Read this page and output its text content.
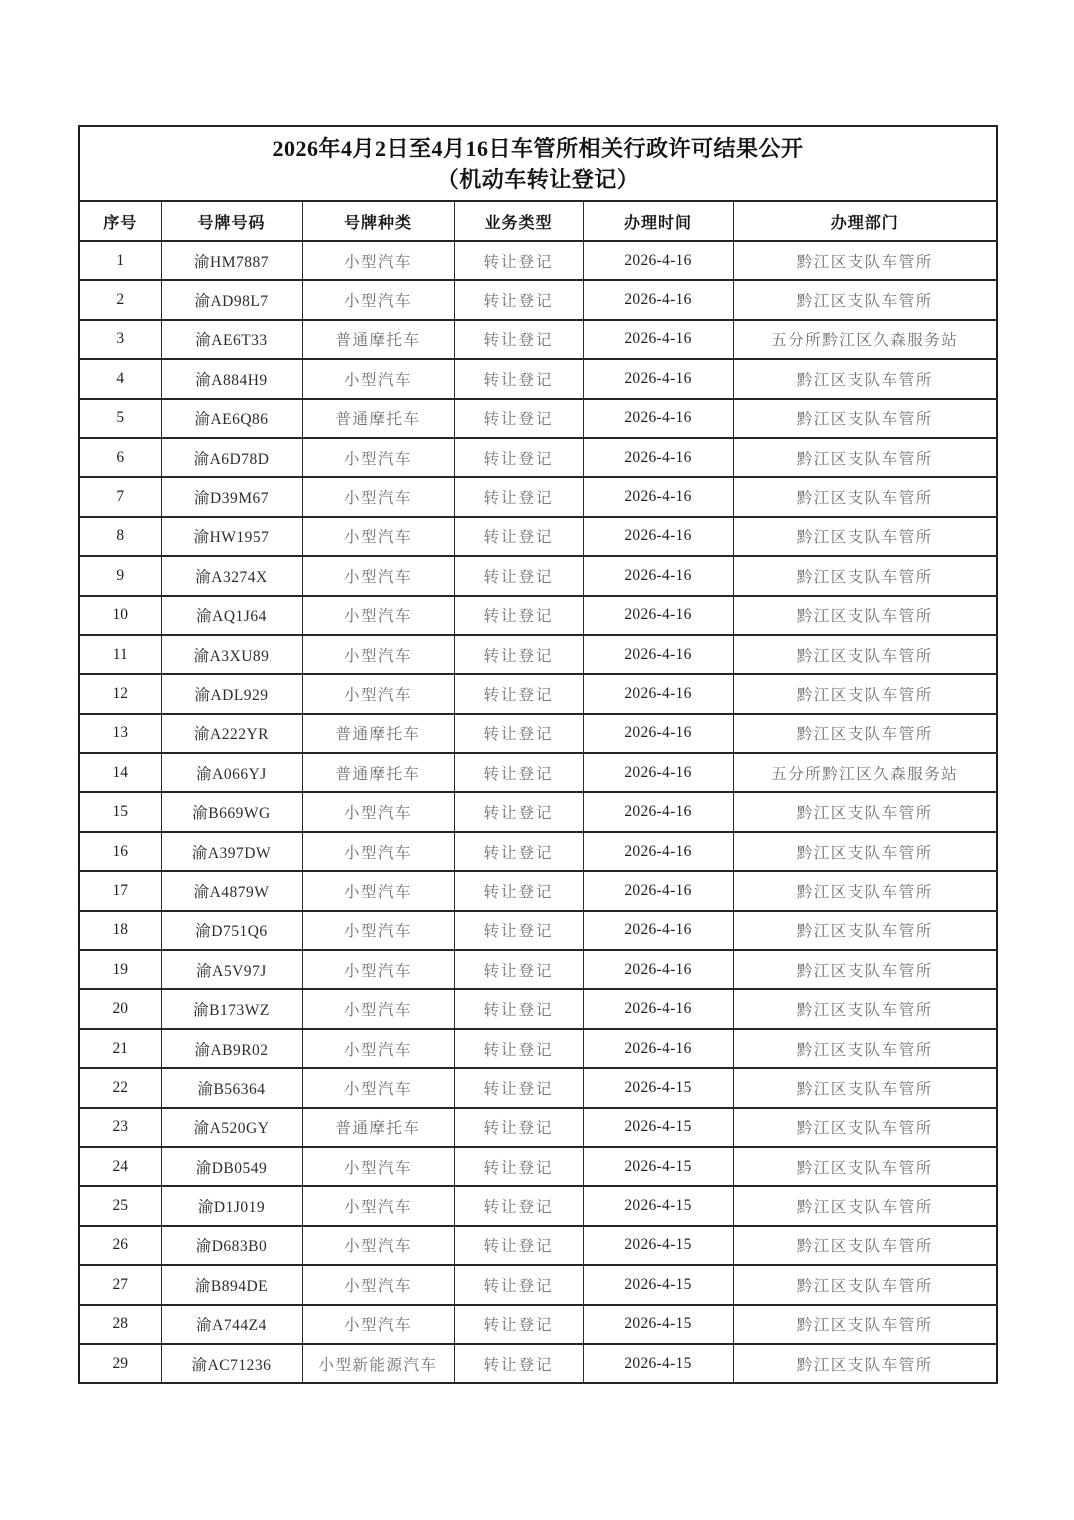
2026年4月2日至4月16日车管所相关行政许可结果公开
（机动车转让登记）					

序号	号牌号码	号牌种类	业务类型	办理时间	办理部门
1	渝HM7887	小型汽车	转让登记	2026-4-16	黔江区支队车管所
2	渝AD98L7	小型汽车	转让登记	2026-4-16	黔江区支队车管所
3	渝AE6T33	普通摩托车	转让登记	2026-4-16	五分所黔江区久森服务站
4	渝A884H9	小型汽车	转让登记	2026-4-16	黔江区支队车管所
5	渝AE6Q86	普通摩托车	转让登记	2026-4-16	黔江区支队车管所
6	渝A6D78D	小型汽车	转让登记	2026-4-16	黔江区支队车管所
7	渝D39M67	小型汽车	转让登记	2026-4-16	黔江区支队车管所
8	渝HW1957	小型汽车	转让登记	2026-4-16	黔江区支队车管所
9	渝A3274X	小型汽车	转让登记	2026-4-16	黔江区支队车管所
10	渝AQ1J64	小型汽车	转让登记	2026-4-16	黔江区支队车管所
11	渝A3XU89	小型汽车	转让登记	2026-4-16	黔江区支队车管所
12	渝ADL929	小型汽车	转让登记	2026-4-16	黔江区支队车管所
13	渝A222YR	普通摩托车	转让登记	2026-4-16	黔江区支队车管所
14	渝A066YJ	普通摩托车	转让登记	2026-4-16	五分所黔江区久森服务站
15	渝B669WG	小型汽车	转让登记	2026-4-16	黔江区支队车管所
16	渝A397DW	小型汽车	转让登记	2026-4-16	黔江区支队车管所
17	渝A4879W	小型汽车	转让登记	2026-4-16	黔江区支队车管所
18	渝D751Q6	小型汽车	转让登记	2026-4-16	黔江区支队车管所
19	渝A5V97J	小型汽车	转让登记	2026-4-16	黔江区支队车管所
20	渝B173WZ	小型汽车	转让登记	2026-4-16	黔江区支队车管所
21	渝AB9R02	小型汽车	转让登记	2026-4-16	黔江区支队车管所
22	渝B56364	小型汽车	转让登记	2026-4-15	黔江区支队车管所
23	渝A520GY	普通摩托车	转让登记	2026-4-15	黔江区支队车管所
24	渝DB0549	小型汽车	转让登记	2026-4-15	黔江区支队车管所
25	渝D1J019	小型汽车	转让登记	2026-4-15	黔江区支队车管所
26	渝D683B0	小型汽车	转让登记	2026-4-15	黔江区支队车管所
27	渝B894DE	小型汽车	转让登记	2026-4-15	黔江区支队车管所
28	渝A744Z4	小型汽车	转让登记	2026-4-15	黔江区支队车管所
29	渝AC71236	小型新能源汽车	转让登记	2026-4-15	黔江区支队车管所
